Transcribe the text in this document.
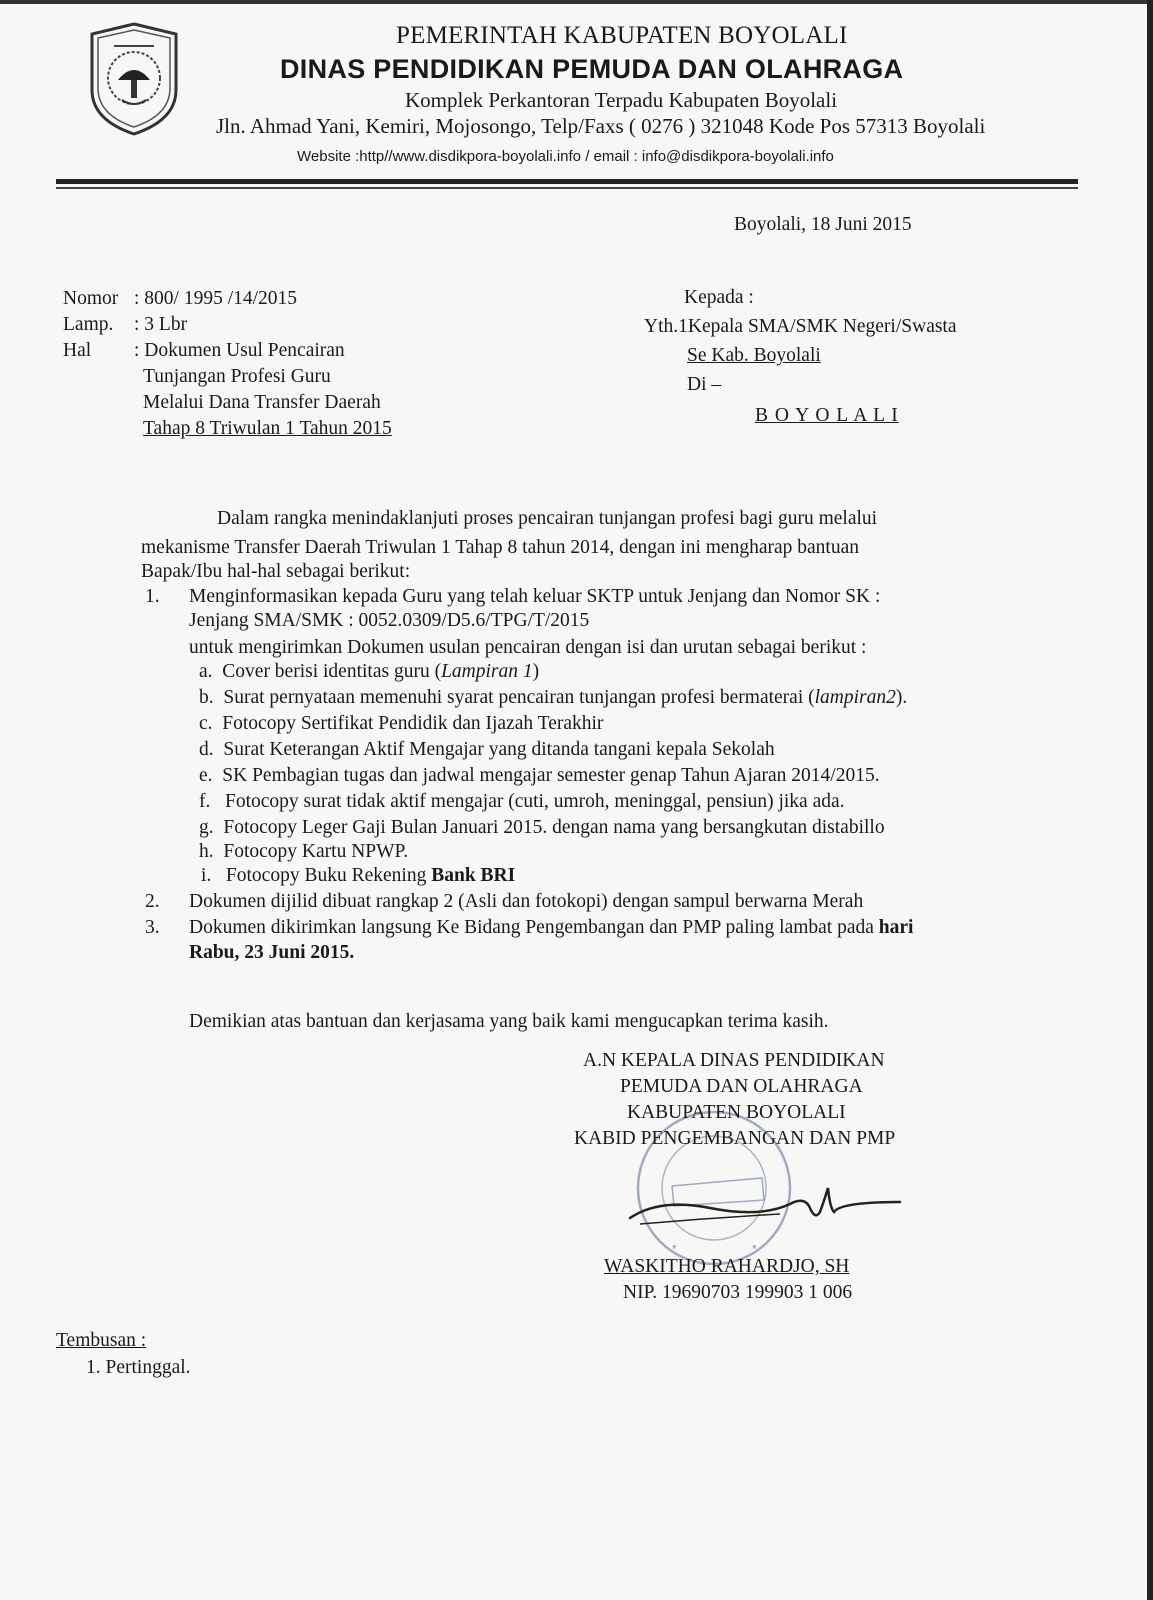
PEMERINTAH KABUPATEN BOYOLALI
DINAS PENDIDIKAN PEMUDA DAN OLAHRAGA
Komplek Perkantoran Terpadu Kabupaten Boyolali
Jln. Ahmad Yani, Kemiri, Mojosongo, Telp/Faxs ( 0276 ) 321048 Kode Pos 57313 Boyolali
Website :http//www.disdikpora-boyolali.info / email : info@disdikpora-boyolali.info
Boyolali, 18 Juni 2015
Nomor : 800/ 1995 /14/2015
Lamp. : 3 Lbr
Hal : Dokumen Usul Pencairan
Tunjangan Profesi Guru
Melalui Dana Transfer Daerah
Tahap 8 Triwulan 1 Tahun 2015
Kepada :
Yth.1Kepala SMA/SMK Negeri/Swasta
Se Kab. Boyolali
Di –
B O Y O L A L I
Dalam rangka menindaklanjuti proses pencairan tunjangan profesi bagi guru melalui
mekanisme Transfer Daerah Triwulan 1 Tahap 8 tahun 2014, dengan ini mengharap bantuan
Bapak/Ibu hal-hal sebagai berikut:
1. Menginformasikan kepada Guru yang telah keluar SKTP untuk Jenjang dan Nomor SK :
Jenjang SMA/SMK : 0052.0309/D5.6/TPG/T/2015
untuk mengirimkan Dokumen usulan pencairan dengan isi dan urutan sebagai berikut :
a. Cover berisi identitas guru (Lampiran 1)
b. Surat pernyataan memenuhi syarat pencairan tunjangan profesi bermaterai (lampiran2).
c. Fotocopy Sertifikat Pendidik dan Ijazah Terakhir
d. Surat Keterangan Aktif Mengajar yang ditanda tangani kepala Sekolah
e. SK Pembagian tugas dan jadwal mengajar semester genap Tahun Ajaran 2014/2015.
f. Fotocopy surat tidak aktif mengajar (cuti, umroh, meninggal, pensiun) jika ada.
g. Fotocopy Leger Gaji Bulan Januari 2015. dengan nama yang bersangkutan distabillo
h. Fotocopy Kartu NPWP.
i. Fotocopy Buku Rekening Bank BRI
2. Dokumen dijilid dibuat rangkap 2 (Asli dan fotokopi) dengan sampul berwarna Merah
3. Dokumen dikirimkan langsung Ke Bidang Pengembangan dan PMP paling lambat pada hari
Rabu, 23 Juni 2015.
Demikian atas bantuan dan kerjasama yang baik kami mengucapkan terima kasih.
*	*
A.N KEPALA DINAS PENDIDIKAN
PEMUDA DAN OLAHRAGA
KABUPATEN BOYOLALI
KABID PENGEMBANGAN DAN PMP
WASKITHO RAHARDJO, SH
NIP. 19690703 199903 1 006
Tembusan :
1. Pertinggal.
